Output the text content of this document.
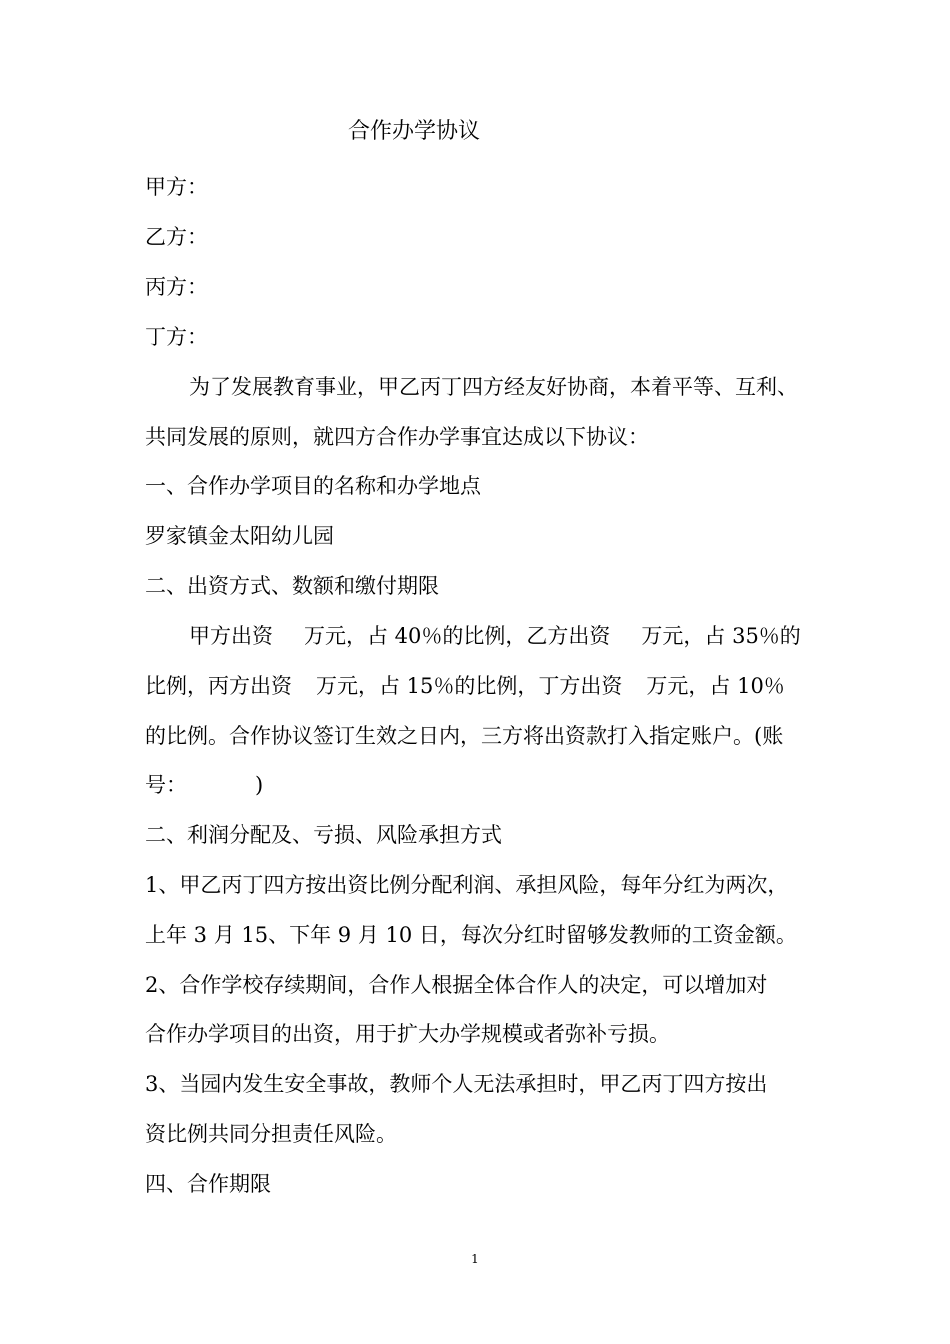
合作办学协议
甲方：
乙方：
丙方：
丁方：
为了发展教育事业，甲乙丙丁四方经友好协商，本着平等、互利、
共同发展的原则，就四方合作办学事宜达成以下协议：
一、合作办学项目的名称和办学地点
罗家镇金太阳幼儿园
二、出资方式、数额和缴付期限
甲方出资 万元，占 40％的比例，乙方出资 万元，占 35％的
比例，丙方出资 万元，占 15％的比例，丁方出资 万元，占 10％
的比例。合作协议签订生效之日内，三方将出资款打入指定账户。(账
号：	)
二、利润分配及、亏损、风险承担方式
1、甲乙丙丁四方按出资比例分配利润、承担风险，每年分红为两次，
上年 3 月 15、下年 9 月 10 日，每次分红时留够发教师的工资金额。
2、合作学校存续期间，合作人根据全体合作人的决定，可以增加对
合作办学项目的出资，用于扩大办学规模或者弥补亏损。
3、当园内发生安全事故，教师个人无法承担时，甲乙丙丁四方按出
资比例共同分担责任风险。
四、合作期限
1
